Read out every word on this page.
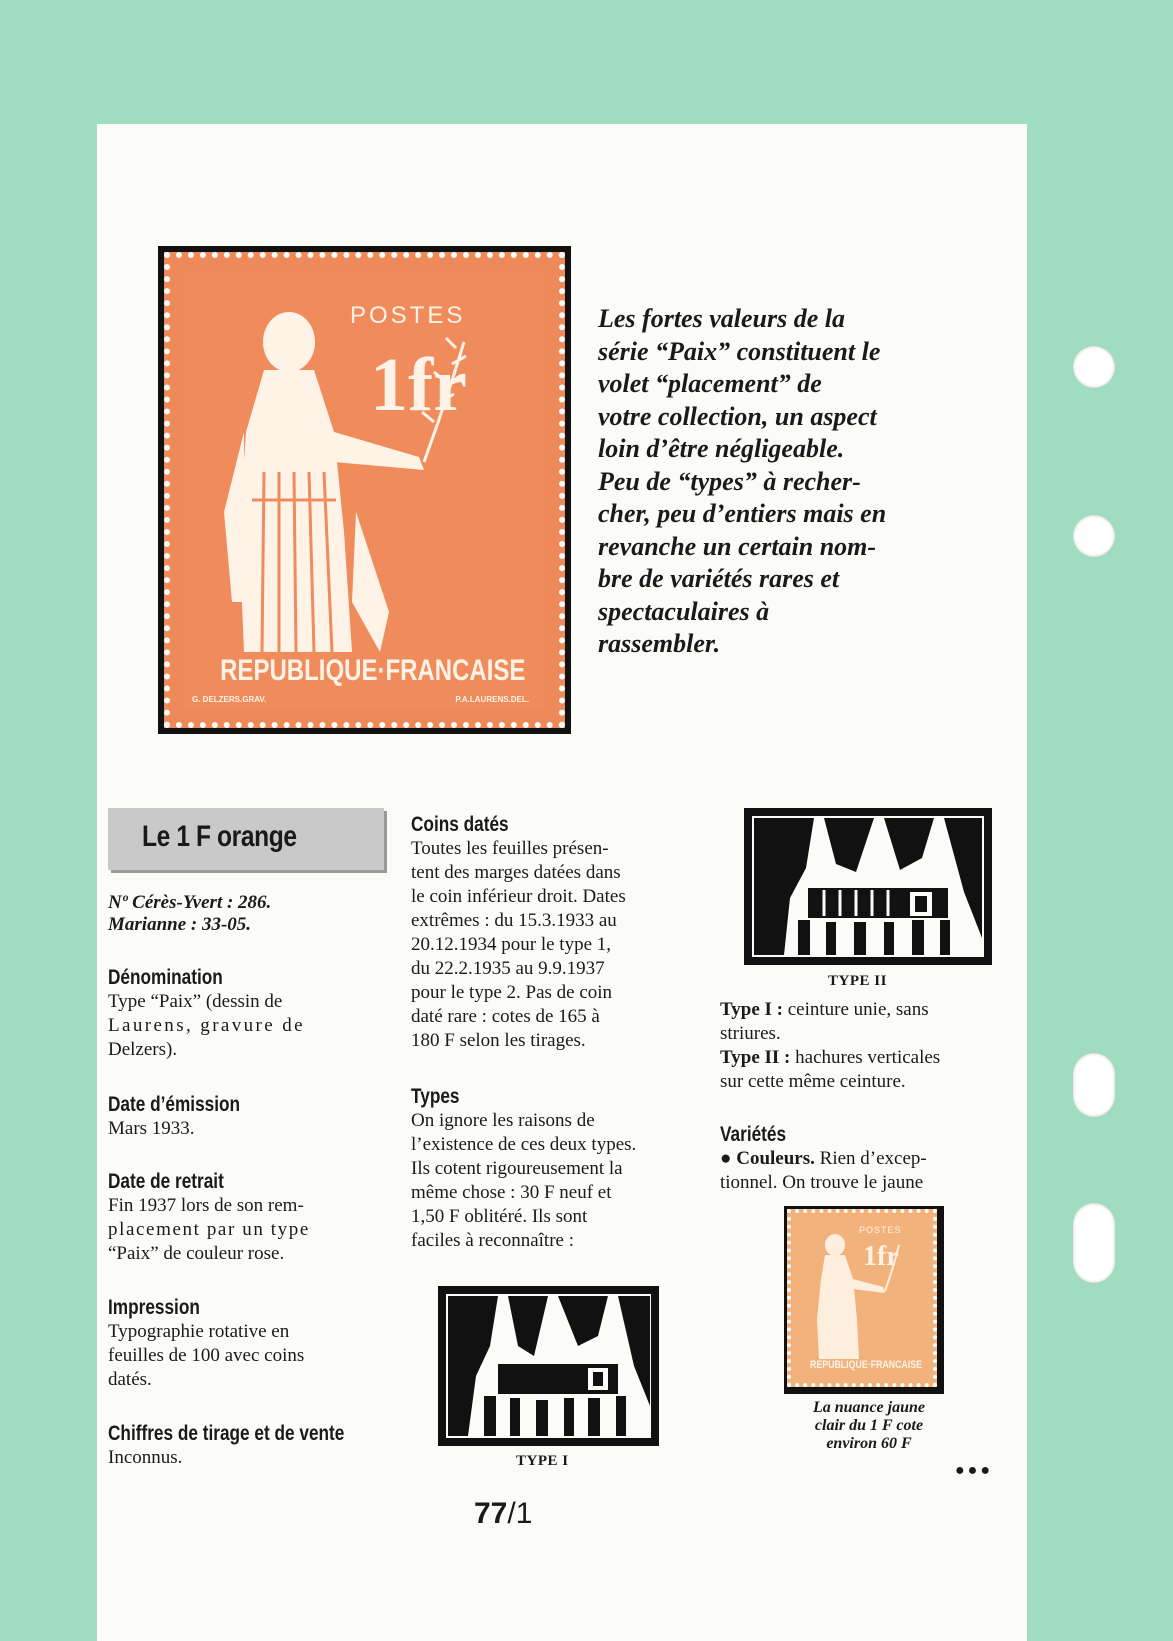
POSTES
1fr
REPUBLIQUE·FRANCAISE
G. DELZERS.GRAV.	P.A.LAURENS.DEL.
Les fortes valeurs de la
série “Paix” constituent le
volet “placement” de
votre collection, un aspect
loin d’être négligeable.
Peu de “types” à recher-
cher, peu d’entiers mais en
revanche un certain nom-
bre de variétés rares et
spectaculaires à
rassembler.
Le 1 F orange
Nº Cérès-Yvert : 286.
Marianne : 33-05.
Dénomination
Type “Paix” (dessin de
Laurens, gravure de
Delzers).
Date d’émission
Mars 1933.
Date de retrait
Fin 1937 lors de son rem-
placement par un type
“Paix” de couleur rose.
Impression
Typographie rotative en
feuilles de 100 avec coins
datés.
Chiffres de tirage et de vente
Inconnus.
Coins datés
Toutes les feuilles présen-
tent des marges datées dans
le coin inférieur droit. Dates
extrêmes : du 15.3.1933 au
20.12.1934 pour le type 1,
du 22.2.1935 au 9.9.1937
pour le type 2. Pas de coin
daté rare : cotes de 165 à
180 F selon les tirages.
Types
On ignore les raisons de
l’existence de ces deux types.
Ils cotent rigoureusement la
même chose : 30 F neuf et
1,50 F oblitéré. Ils sont
faciles à reconnaître :
TYPE I
TYPE II
Type I : ceinture unie, sans
striures.
Type II : hachures verticales
sur cette même ceinture.
Variétés
● Couleurs. Rien d’excep-
tionnel. On trouve le jaune
POSTES
1fr
REPUBLIQUE·FRANCAISE
La nuance jaune
clair du 1 F cote
environ 60 F
●●●
77/1
